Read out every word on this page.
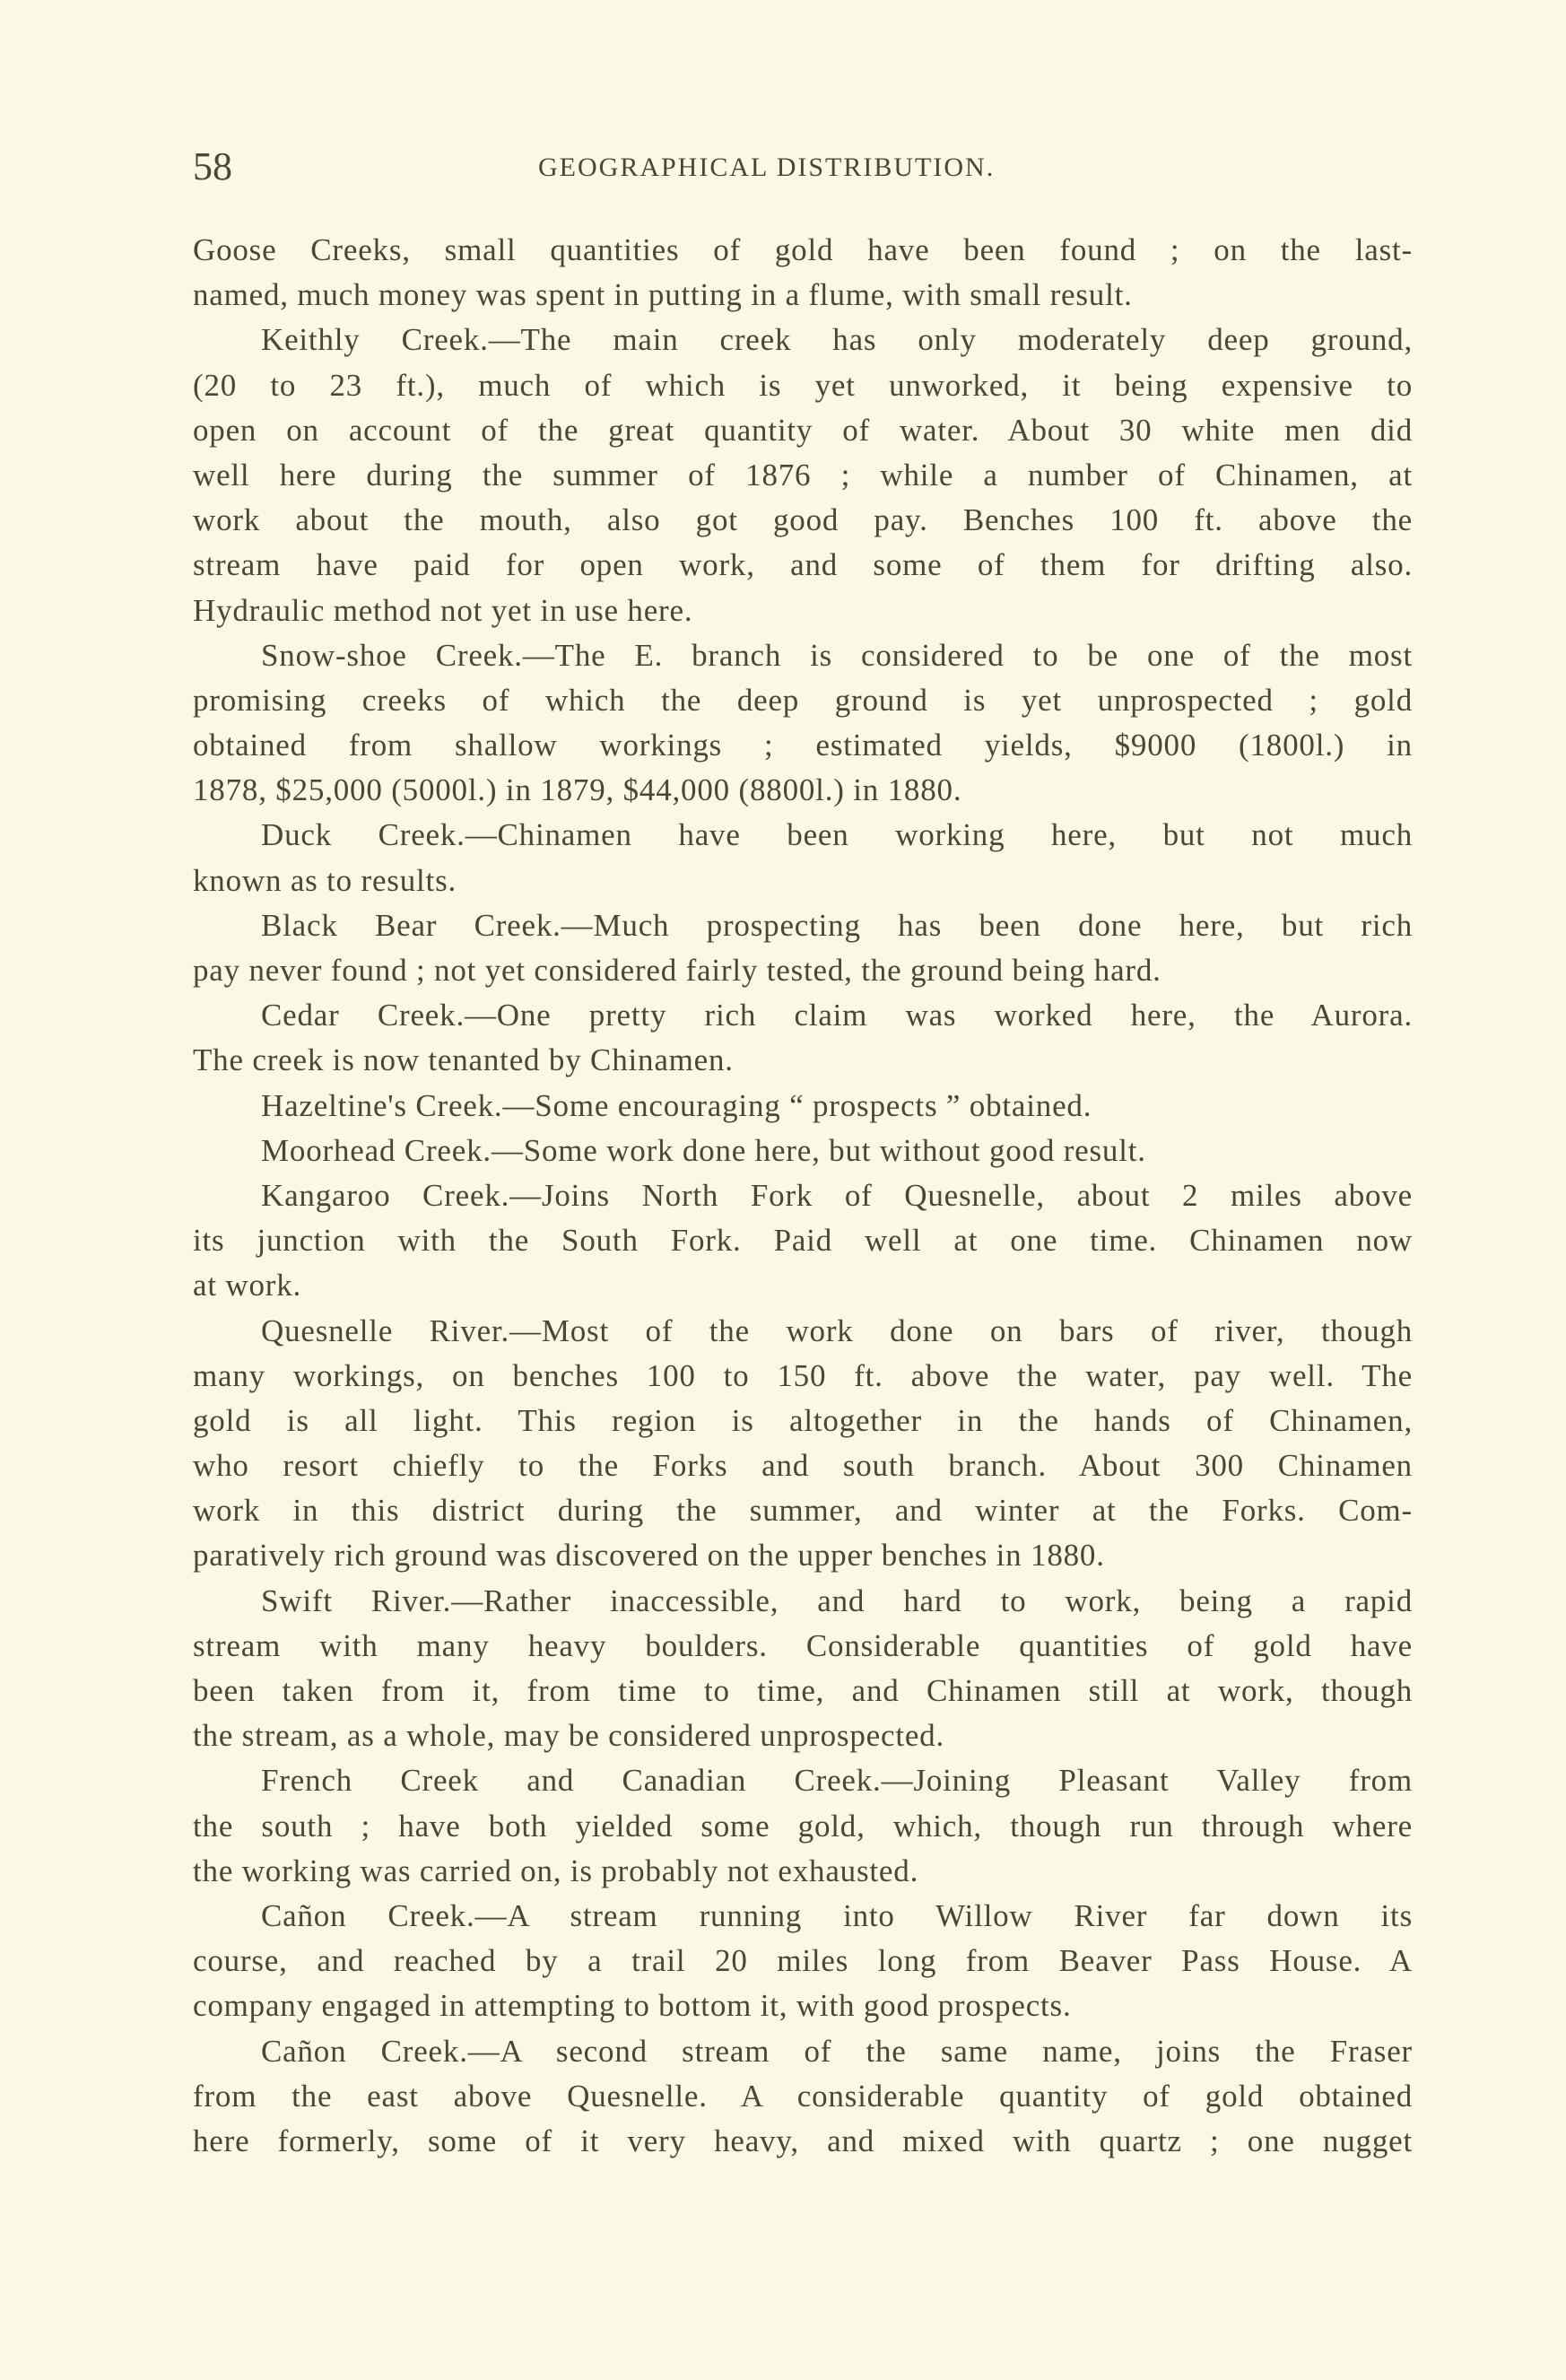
58	GEOGRAPHICAL DISTRIBUTION.
Goose Creeks, small quantities of gold have been found ; on the last-
named, much money was spent in putting in a flume, with small result.
Keithly Creek.—The main creek has only moderately deep ground,
(20 to 23 ft.), much of which is yet unworked, it being expensive to
open on account of the great quantity of water. About 30 white men did
well here during the summer of 1876 ; while a number of Chinamen, at
work about the mouth, also got good pay. Benches 100 ft. above the
stream have paid for open work, and some of them for drifting also.
Hydraulic method not yet in use here.
Snow-shoe Creek.—The E. branch is considered to be one of the most
promising creeks of which the deep ground is yet unprospected ; gold
obtained from shallow workings ; estimated yields, $9000 (1800l.) in
1878, $25,000 (5000l.) in 1879, $44,000 (8800l.) in 1880.
Duck Creek.—Chinamen have been working here, but not much
known as to results.
Black Bear Creek.—Much prospecting has been done here, but rich
pay never found ; not yet considered fairly tested, the ground being hard.
Cedar Creek.—One pretty rich claim was worked here, the Aurora.
The creek is now tenanted by Chinamen.
Hazeltine's Creek.—Some encouraging “ prospects ” obtained.
Moorhead Creek.—Some work done here, but without good result.
Kangaroo Creek.—Joins North Fork of Quesnelle, about 2 miles above
its junction with the South Fork. Paid well at one time. Chinamen now
at work.
Quesnelle River.—Most of the work done on bars of river, though
many workings, on benches 100 to 150 ft. above the water, pay well. The
gold is all light. This region is altogether in the hands of Chinamen,
who resort chiefly to the Forks and south branch. About 300 Chinamen
work in this district during the summer, and winter at the Forks. Com-
paratively rich ground was discovered on the upper benches in 1880.
Swift River.—Rather inaccessible, and hard to work, being a rapid
stream with many heavy boulders. Considerable quantities of gold have
been taken from it, from time to time, and Chinamen still at work, though
the stream, as a whole, may be considered unprospected.
French Creek and Canadian Creek.—Joining Pleasant Valley from
the south ; have both yielded some gold, which, though run through where
the working was carried on, is probably not exhausted.
Cañon Creek.—A stream running into Willow River far down its
course, and reached by a trail 20 miles long from Beaver Pass House. A
company engaged in attempting to bottom it, with good prospects.
Cañon Creek.—A second stream of the same name, joins the Fraser
from the east above Quesnelle. A considerable quantity of gold obtained
here formerly, some of it very heavy, and mixed with quartz ; one nugget
